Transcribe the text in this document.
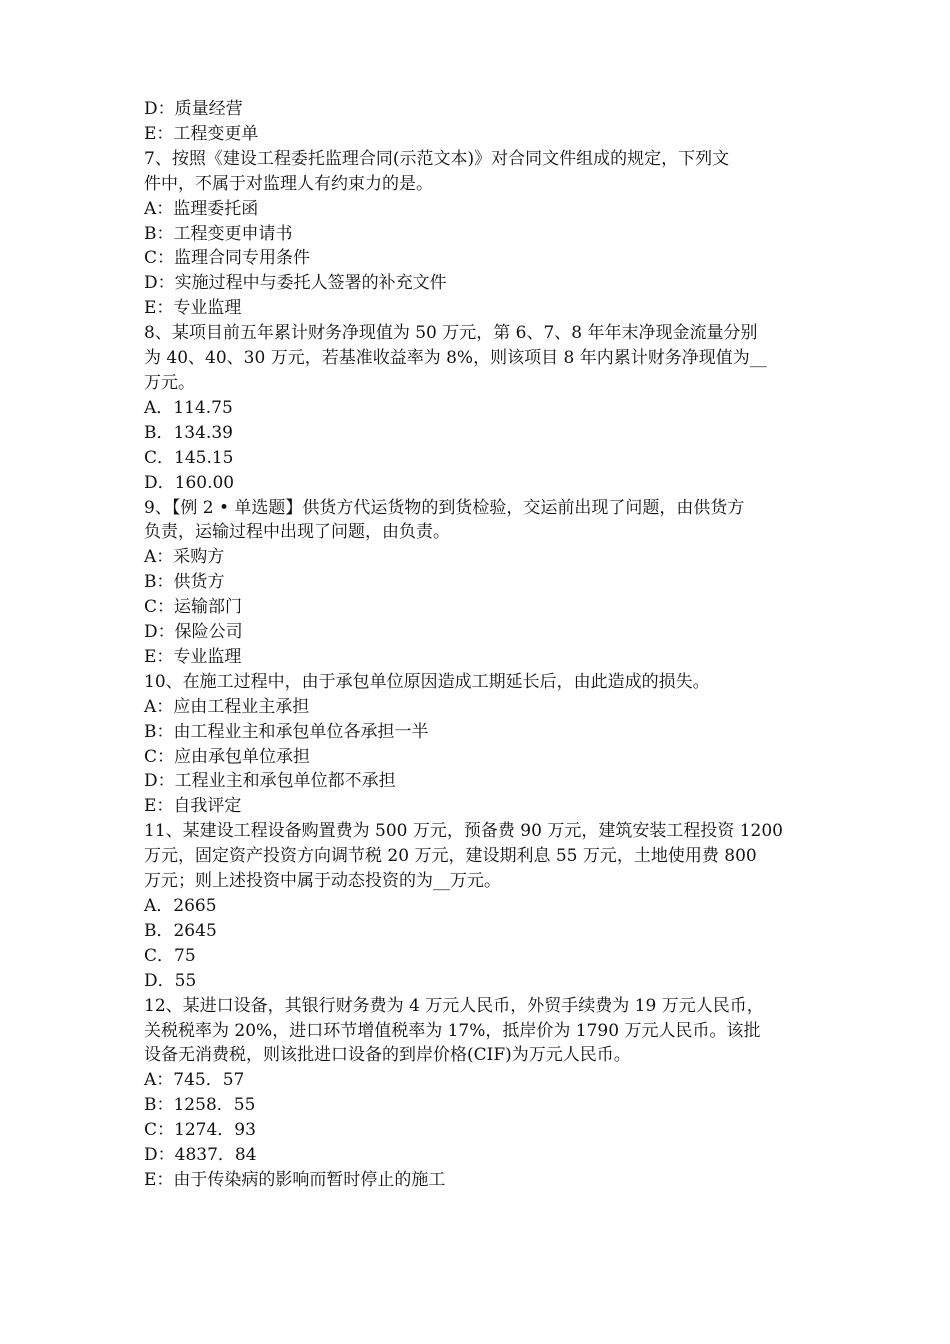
D：质量经营
E：工程变更单
7、按照《建设工程委托监理合同(示范文本)》对合同文件组成的规定，下列文
件中，不属于对监理人有约束力的是。
A：监理委托函
B：工程变更申请书
C：监理合同专用条件
D：实施过程中与委托人签署的补充文件
E：专业监理
8、某项目前五年累计财务净现值为 50 万元，第 6、7、8 年年末净现金流量分别
为 40、40、30 万元，若基准收益率为 8%，则该项目 8 年内累计财务净现值为__
万元。
A．114.75
B．134.39
C．145.15
D．160.00
9、【例 2 • 单选题】供货方代运货物的到货检验，交运前出现了问题，由供货方
负责，运输过程中出现了问题，由负责。
A：采购方
B：供货方
C：运输部门
D：保险公司
E：专业监理
10、在施工过程中，由于承包单位原因造成工期延长后，由此造成的损失。
A：应由工程业主承担
B：由工程业主和承包单位各承担一半
C：应由承包单位承担
D：工程业主和承包单位都不承担
E：自我评定
11、某建设工程设备购置费为 500 万元，预备费 90 万元，建筑安装工程投资 1200
万元，固定资产投资方向调节税 20 万元，建设期利息 55 万元，土地使用费 800
万元；则上述投资中属于动态投资的为__万元。
A．2665
B．2645
C．75
D．55
12、某进口设备，其银行财务费为 4 万元人民币，外贸手续费为 19 万元人民币，
关税税率为 20%，进口环节增值税率为 17%，抵岸价为 1790 万元人民币。该批
设备无消费税，则该批进口设备的到岸价格(CIF)为万元人民币。
A：745．57
B：1258．55
C：1274．93
D：4837．84
E：由于传染病的影响而暂时停止的施工
